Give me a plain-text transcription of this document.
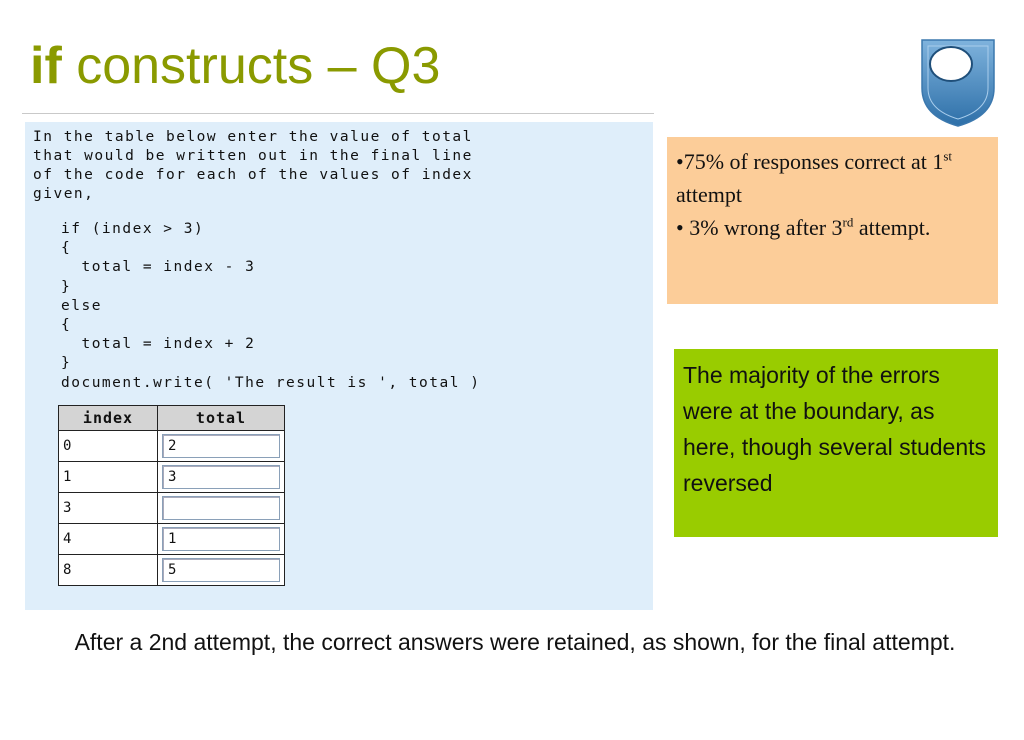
if constructs – Q3
In the table below enter the value of total
that would be written out in the final line
of the code for each of the values of index
given,
if (index > 3)
{
total = index - 3
}
else
{
total = index + 2
}
document.write( 'The result is ', total )
index	total
0	2

1	3

3	

4	1

8	5
•75% of responses correct at 1st attempt
• 3% wrong after 3rd attempt.
The majority of the errors were at the boundary, as here, though several students reversed
After a 2nd attempt, the correct answers were retained, as shown, for the final attempt.
